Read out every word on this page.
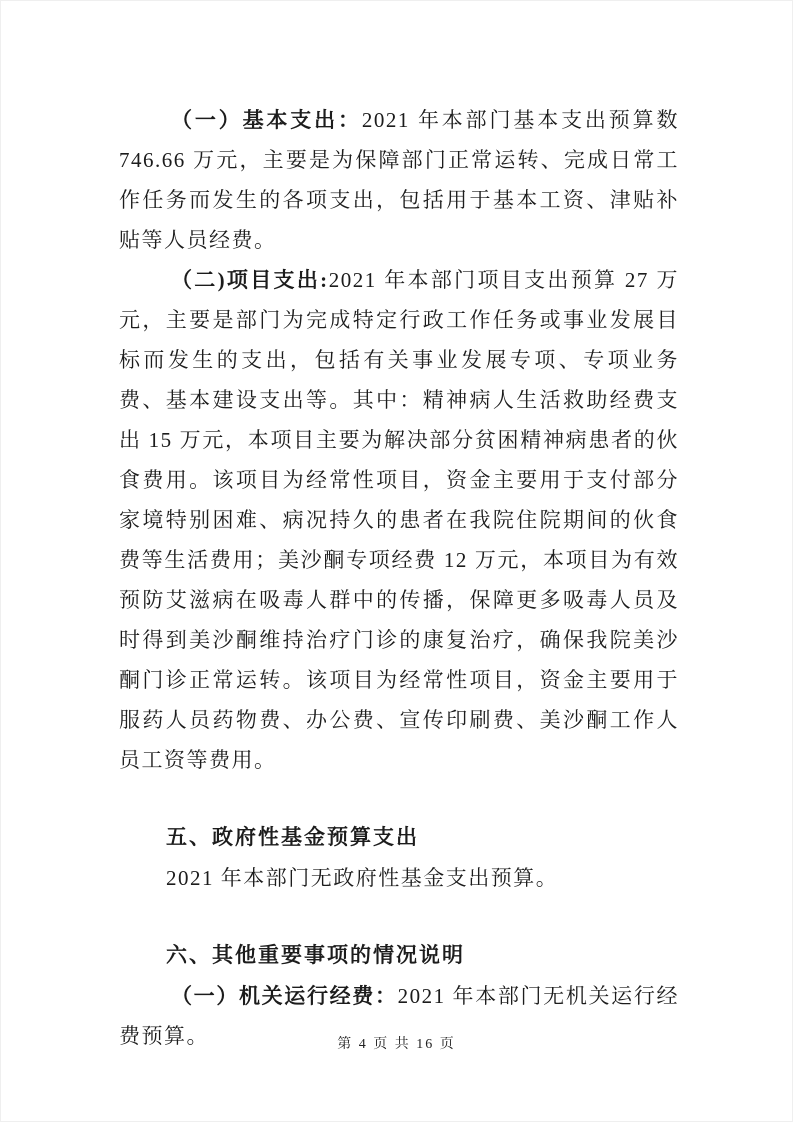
（一）基本支出：2021 年本部门基本支出预算数 746.66 万元，主要是为保障部门正常运转、完成日常工作任务而发生的各项支出，包括用于基本工资、津贴补贴等人员经费。

（二)项目支出:2021 年本部门项目支出预算 27 万元，主要是部门为完成特定行政工作任务或事业发展目标而发生的支出，包括有关事业发展专项、专项业务费、基本建设支出等。其中：精神病人生活救助经费支出 15 万元，本项目主要为解决部分贫困精神病患者的伙食费用。该项目为经常性项目，资金主要用于支付部分家境特别困难、病况持久的患者在我院住院期间的伙食费等生活费用；美沙酮专项经费 12 万元，本项目为有效预防艾滋病在吸毒人群中的传播，保障更多吸毒人员及时得到美沙酮维持治疗门诊的康复治疗，确保我院美沙酮门诊正常运转。该项目为经常性项目，资金主要用于服药人员药物费、办公费、宣传印刷费、美沙酮工作人员工资等费用。

五、政府性基金预算支出

2021 年本部门无政府性基金支出预算。

六、其他重要事项的情况说明

（一）机关运行经费：2021 年本部门无机关运行经费预算。	第 4 页 共 16 页
